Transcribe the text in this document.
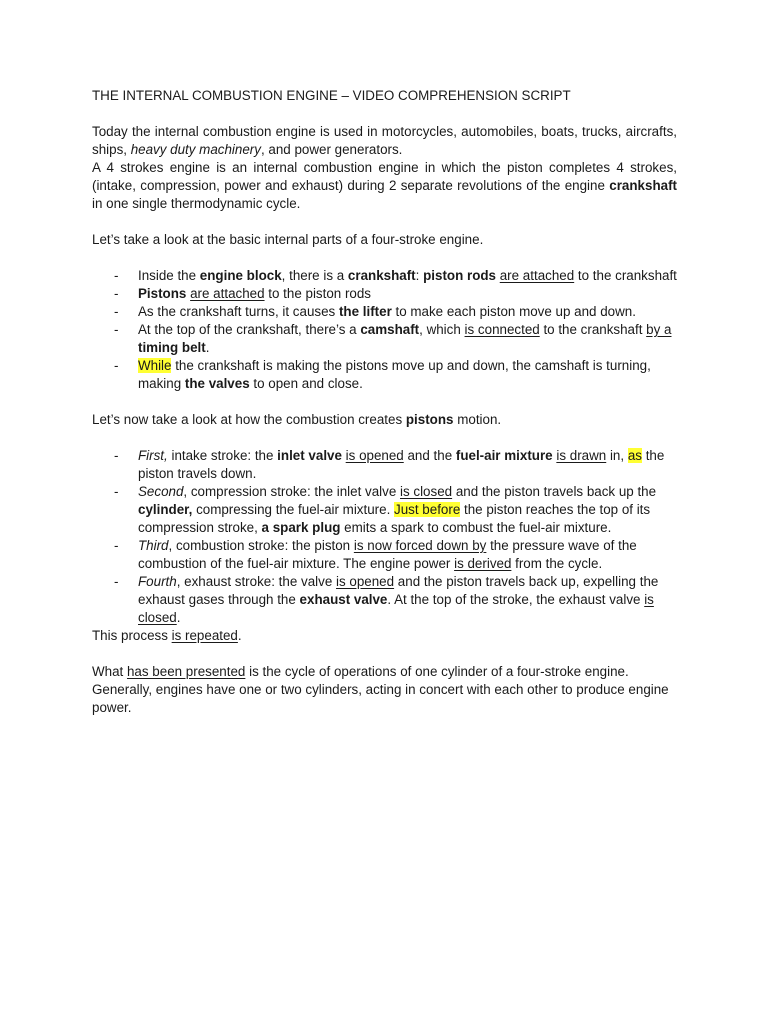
THE INTERNAL COMBUSTION ENGINE – VIDEO COMPREHENSION SCRIPT

Today the internal combustion engine is used in motorcycles, automobiles, boats, trucks, aircrafts, ships, heavy duty machinery, and power generators.

A 4 strokes engine is an internal combustion engine in which the piston completes 4 strokes, (intake, compression, power and exhaust) during 2 separate revolutions of the engine crankshaft in one single thermodynamic cycle.

Let’s take a look at the basic internal parts of a four-stroke engine.

- Inside the engine block, there is a crankshaft: piston rods are attached to the crankshaft
- Pistons are attached to the piston rods
- As the crankshaft turns, it causes the lifter to make each piston move up and down.
- At the top of the crankshaft, there’s a camshaft, which is connected to the crankshaft by a timing belt.
- While the crankshaft is making the pistons move up and down, the camshaft is turning, making the valves to open and close.

Let’s now take a look at how the combustion creates pistons motion.

- First, intake stroke: the inlet valve is opened and the fuel-air mixture is drawn in, as the piston travels down.
- Second, compression stroke: the inlet valve is closed and the piston travels back up the cylinder, compressing the fuel-air mixture. Just before the piston reaches the top of its compression stroke, a spark plug emits a spark to combust the fuel-air mixture.
- Third, combustion stroke: the piston is now forced down by the pressure wave of the combustion of the fuel-air mixture. The engine power is derived from the cycle.
- Fourth, exhaust stroke: the valve is opened and the piston travels back up, expelling the exhaust gases through the exhaust valve. At the top of the stroke, the exhaust valve is closed.

This process is repeated.

What has been presented is the cycle of operations of one cylinder of a four-stroke engine. Generally, engines have one or two cylinders, acting in concert with each other to produce engine power.
